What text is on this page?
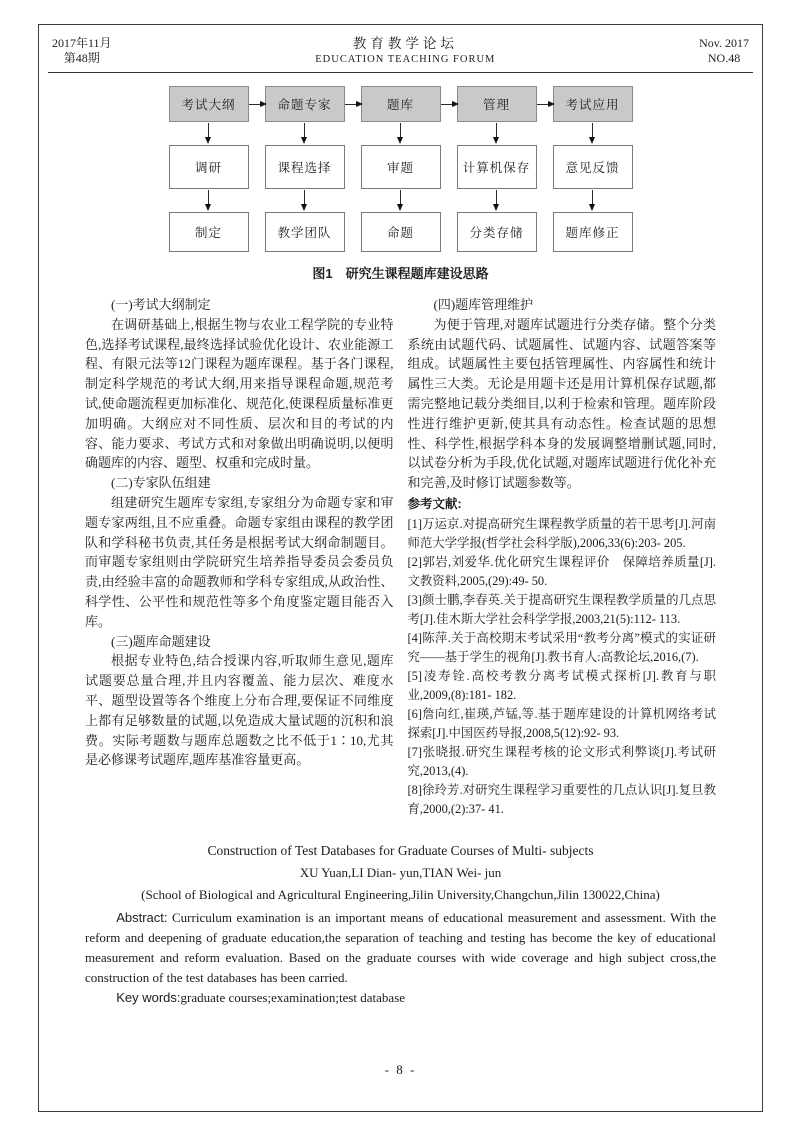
2017年11月
第48期
教育教学论坛
EDUCATION TEACHING FORUM
Nov. 2017
NO.48
考试大纲	命题专家	题库	管理	考试应用
调研	课程选择	审题	计算机保存	意见反馈
制定	教学团队	命题	分类存储	题库修正
图1　研究生课程题库建设思路

(一)考试大纲制定

在调研基础上,根据生物与农业工程学院的专业特色,选择考试课程,最终选择试验优化设计、农业能源工程、有限元法等12门课程为题库课程。基于各门课程,制定科学规范的考试大纲,用来指导课程命题,规范考试,使命题流程更加标准化、规范化,使课程质量标准更加明确。大纲应对不同性质、层次和目的考试的内容、能力要求、考试方式和对象做出明确说明,以便明确题库的内容、题型、权重和完成时量。

(二)专家队伍组建

组建研究生题库专家组,专家组分为命题专家和审题专家两组,且不应重叠。命题专家组由课程的教学团队和学科秘书负责,其任务是根据考试大纲命制题目。而审题专家组则由学院研究生培养指导委员会委员负责,由经验丰富的命题教师和学科专家组成,从政治性、科学性、公平性和规范性等多个角度鉴定题目能否入库。

(三)题库命题建设

根据专业特色,结合授课内容,听取师生意见,题库试题要总量合理,并且内容覆盖、能力层次、难度水平、题型设置等各个维度上分布合理,要保证不同维度上都有足够数量的试题,以免造成大量试题的沉积和浪费。实际考题数与题库总题数之比不低于1∶10,尤其是必修课考试题库,题库基准容量更高。

(四)题库管理维护

为便于管理,对题库试题进行分类存储。整个分类系统由试题代码、试题属性、试题内容、试题答案等组成。试题属性主要包括管理属性、内容属性和统计属性三大类。无论是用题卡还是用计算机保存试题,都需完整地记载分类细目,以利于检索和管理。题库阶段性进行维护更新,使其具有动态性。检查试题的思想性、科学性,根据学科本身的发展调整增删试题,同时,以试卷分析为手段,优化试题,对题库试题进行优化补充和完善,及时修订试题参数等。

参考文献:

[1]万运京.对提高研究生课程教学质量的若干思考[J].河南师范大学学报(哲学社会科学版),2006,33(6):203- 205.

[2]郭岩,刘爱华.优化研究生课程评价　保障培养质量[J].文教资料,2005,(29):49- 50.

[3]颜士鹏,李春英.关于提高研究生课程教学质量的几点思考[J].佳木斯大学社会科学学报,2003,21(5):112- 113.

[4]陈萍.关于高校期末考试采用“教考分离”模式的实证研究——基于学生的视角[J].教书育人:高教论坛,2016,(7).

[5]凌寿铨.高校考教分离考试模式探析[J].教育与职业,2009,(8):181- 182.

[6]詹向红,崔瑛,芦锰,等.基于题库建设的计算机网络考试探索[J].中国医药导报,2008,5(12):92- 93.

[7]张晓报.研究生课程考核的论文形式利弊谈[J].考试研究,2013,(4).

[8]徐玲芳.对研究生课程学习重要性的几点认识[J].复旦教育,2000,(2):37- 41.

Construction of Test Databases for Graduate Courses of Multi- subjects

XU Yuan,LI Dian- yun,TIAN Wei- jun

(School of Biological and Agricultural Engineering,Jilin University,Changchun,Jilin 130022,China)

Abstract: Curriculum examination is an important means of educational measurement and assessment. With the reform and deepening of graduate education,the separation of teaching and testing has become the key of educational measurement and reform evaluation. Based on the graduate courses with wide coverage and high subject cross,the construction of the test databases has been carried.

Key words:graduate courses;examination;test database

- 8 -
